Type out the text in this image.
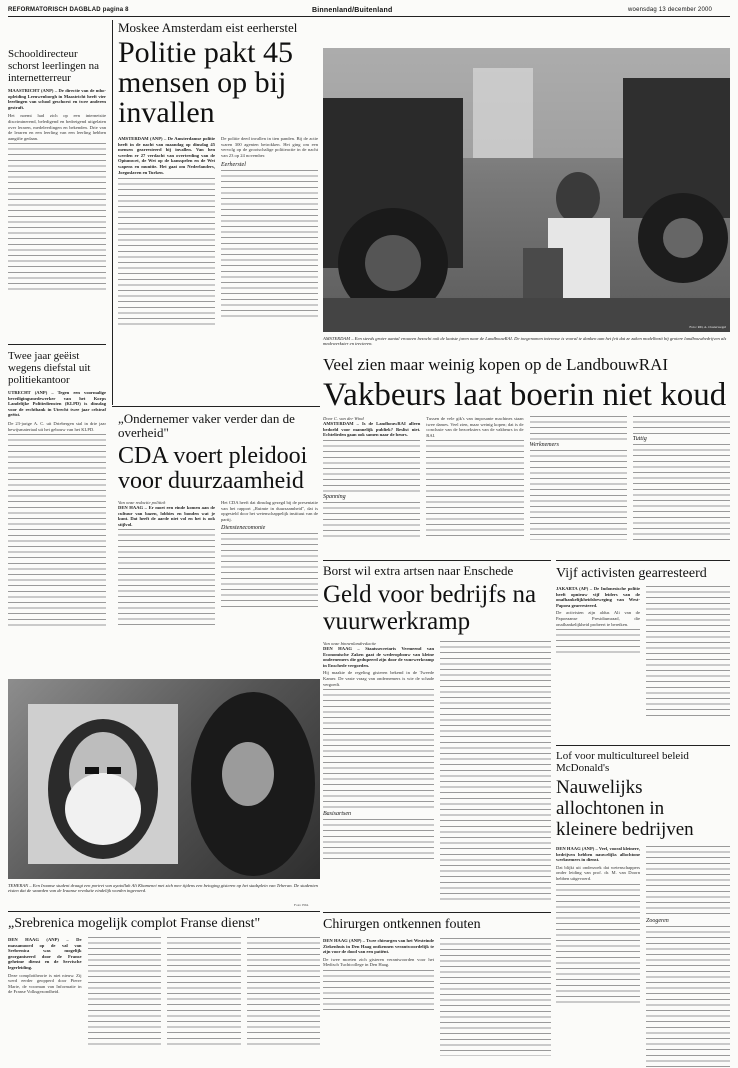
REFORMATORISCH DAGBLAD pagina 8	Binnenland/Buitenland	woensdag 13 december 2000
Schooldirecteur schorst leerlingen na internetterreur
MAASTRICHT (ANP) – De directie van de mbo-opleiding Leeuwenborgh in Maastricht heeft vier leerlingen van school geschorst en twee anderen gestraft.
Het noemt had zich op een internetsite discriminerend, beledigend en bedreigend uitgelaten over leraren, medeleerlingen en bekenden. Drie van de leraren en een leerling van een leerling hebben aangifte gedaan.
Twee jaar geëist wegens diefstal uit politiekantoor
UTRECHT (ANP) – Tegen een voormalige beveiligingsmedewerker van het Korps Landelijke Politiediensten (KLPD) is dinsdag voor de rechtbank in Utrecht twee jaar celstraf geëist.
De 23-jarige A. C. uit Driebergen stal in drie jaar bewijsmateriaal uit het gebouw van het KLPD.
Moskee Amsterdam eist eerherstel
Politie pakt 45 mensen op bij invallen
AMSTERDAM (ANP) – De Amsterdamse politie heeft in de nacht van maandag op dinsdag 45 mensen gearresteerd bij invallen. Van hen werden er 27 verdacht van overtreding van de Opiumwet, de Wet op de kansspelen en de Wet wapens en munitie. Het gaat om Nederlanders, Joegoslaven en Turken.
De politie deed invallen in tien panden. Bij de actie waren 300 agenten betrokken. Het ging om een vervolg op de grootschalige politieactie in de nacht van 23 op 24 november.
Eerherstel
Foto: RD, A. Oosterwegel
AMSTERDAM – Een steeds groter aantal vrouwen bezocht ook de laatste jaren naar de LandbouwRAI. De toegenomen interesse is vooral te danken aan het feit dat ze zaken modelbezit bij grotere landbouwbedrijven als medewerkster en trecteren.
Veel zien maar weinig kopen op de LandbouwRAI
Vakbeurs laat boerin niet koud
Door C. van der Wind
AMSTERDAM – Is de LandbouwRAI alleen bedoeld voor mannelijk publiek? Beslist niet. Echtelieden gaan ook samen naar de beurs.
Spanning
Tussen de vele gik's van imposante machines staan twee dames. Veel zien, maar weinig kopen; dat is de conclusie van de bezoeksters van de vakbeurs in de RAI.
Werknemers
Tuttig
„Ondernemer vaker verder dan de overheid"
CDA voert pleidooi voor duurzaamheid
Van onze redactie politiek
DEN HAAG – Er moet een einde komen aan de cultuur van bazen, lobbies en bonden wat je kunt. Dat heeft de aarde niet vol en het is ook stijlvol.
Het CDA heeft dat dinsdag gezegd bij de presentatie van het rapport „Ruimte in duurzaamheid", dat is opgesteld door het wetenschappelijk instituut van de partij.
Dienstenecomonie
TEHERAN – Een Iraanse student draagt een portret van ayatollah Ali Khamenei met zich mee tijdens een betoging gisteren op het stadsplein van Teheran. De studenten eisten dat de waarden van de Iraanse revolutie eindelijk worden ingevoerd.
Foto: EPA
„Srebrenica mogelijk complot Franse dienst"
DEN HAAG (ANP) – De massamoord op de val van Srebrenica was mogelijk georganiseerd door de Franse geheime dienst en de Servische legerleiding.
Deze complottheorie is niet nieuw. Zij werd eerder geopperd door Pierre Marie, de voorman van Informatie in de Franse Volksgezondheid.
Borst wil extra artsen naar Enschede
Geld voor bedrijfs na vuurwerkramp
Van onze binnenlandredactie
DEN HAAG – Staatssecretaris Vermeend van Economische Zaken gaat de wederopbouw van kleine ondernemers die gedupeerd zijn door de vuurwerkramp in Enschede vergoeden.
Hij maakte de regeling gisteren bekend in de Tweede Kamer. De vaste vraag van ondernemers is wie de schade vergoedt.
Basisartsen
Chirurgen ontkennen fouten
DEN HAAG (ANP) – Twee chirurgen van het Westeinde Ziekenhuis in Den Haag ontkennen verantwoordelijk te zijn voor de dood van een patiënt.
De twee moeten zich gisteren verantwoorden voor het Medisch Tuchtcollege in Den Haag.
Vijf activisten gearresteerd
JAKARTA (AP) – De Indonesische politie heeft opnieuw vijf leiders van de onafhankelijkheidsbeweging van West-Papoea gearresteerd.
De activisten zijn aldus Ali van de Papoeaanse Presidiumraad, die onafhankelijkheid probeert te bereiken.
Lof voor multicultureel beleid McDonald's
Nauwelijks allochtonen in kleinere bedrijven
DEN HAAG (ANP) – Veel, vooral kleinere, bedrijven hebben nauwelijks allochtone werknemers in dienst.
Dat blijkt uit onderzoek dat wetenschappers onder leiding van prof. dr. M. van Doorn hebben uitgevoerd.
Zoogeren
